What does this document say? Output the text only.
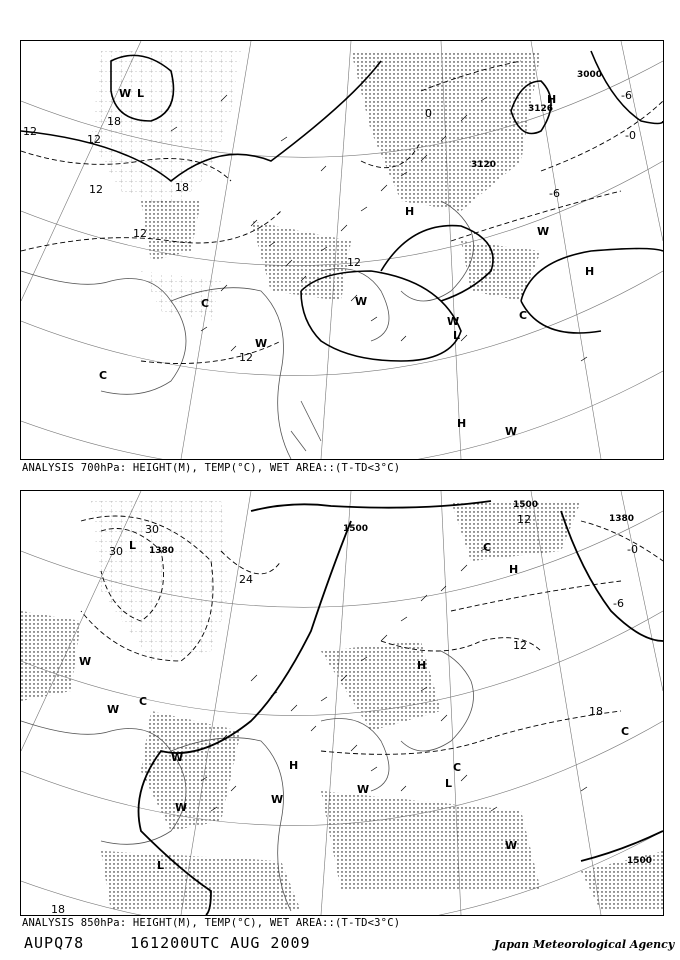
3000
3120
3126
12
12
12
12
12
18
18
12
0
-0
-6
-6
L
W
C
H
H
H
W
W
C
W
L
C
H
W
W
ANALYSIS 700hPa: HEIGHT(M), TEMP(°C), WET AREA::(T-TD<3°C)
1500
1500
1380
1380
1500
30
30
24
12
18
18
12
-6
-0
L
W
W
C
H
W
H
W
W	L
C
W
C
L
W
C
H
ANALYSIS 850hPa: HEIGHT(M), TEMP(°C), WET AREA::(T-TD<3°C)
AUPQ78	161200UTC AUG 2009	Japan Meteorological Agency
